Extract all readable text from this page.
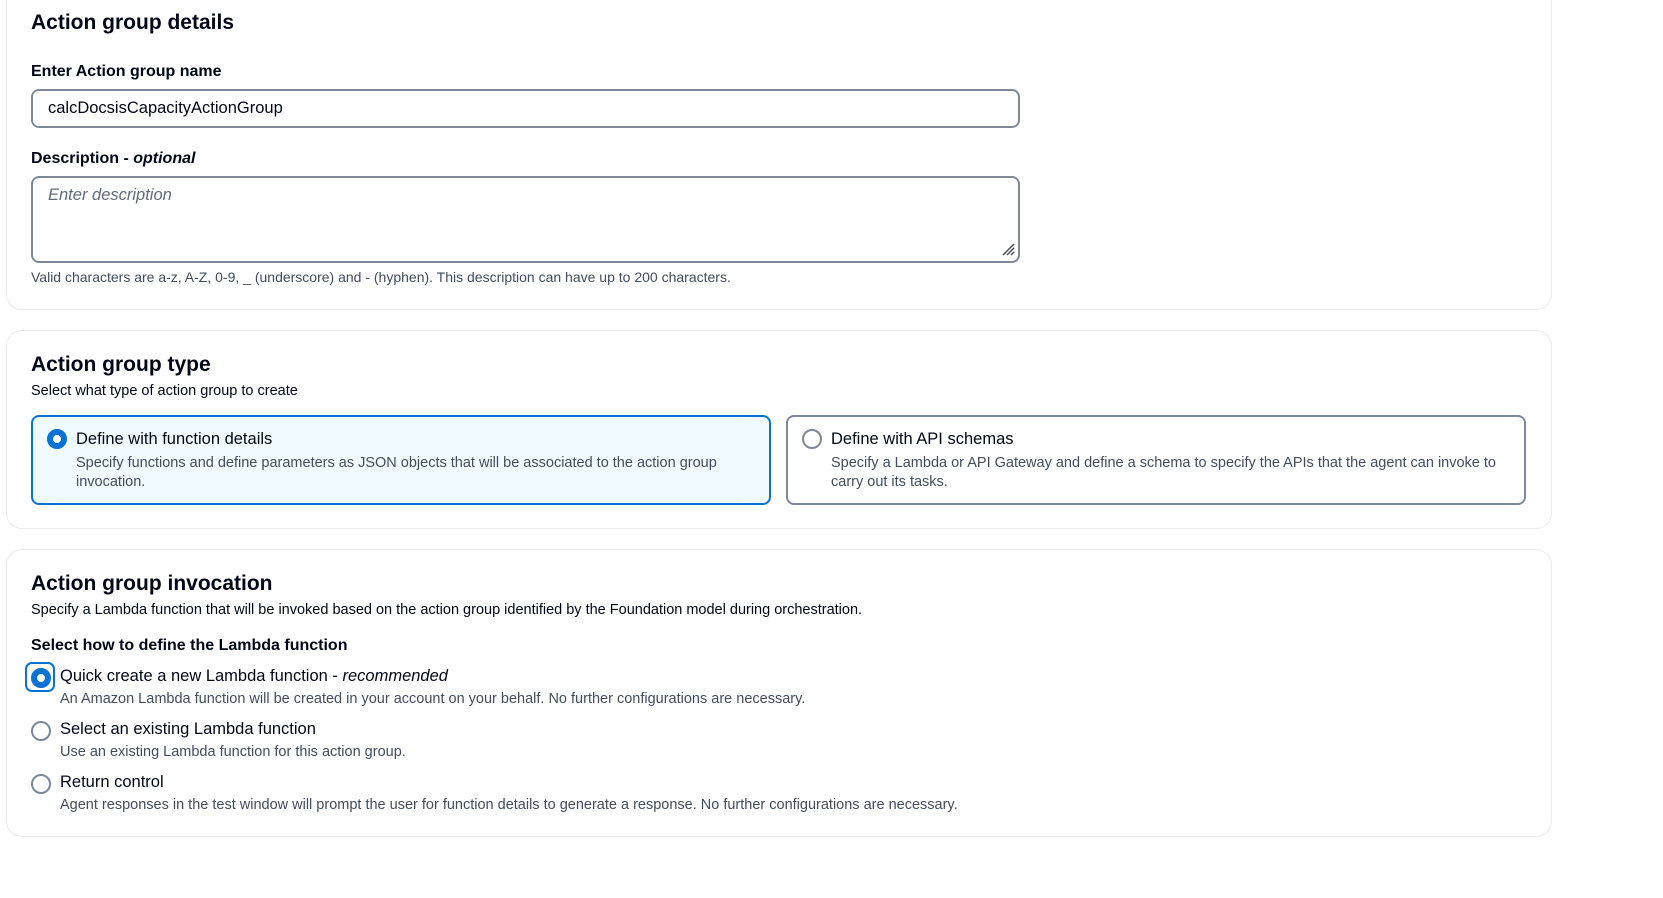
Action group details
Enter Action group name
calcDocsisCapacityActionGroup
Description - optional
Enter description
Valid characters are a-z, A-Z, 0-9, _ (underscore) and - (hyphen). This description can have up to 200 characters.
Action group type
Select what type of action group to create
Define with function details
Specify functions and define parameters as JSON objects that will be associated to the action group invocation.
Define with API schemas
Specify a Lambda or API Gateway and define a schema to specify the APIs that the agent can invoke to carry out its tasks.
Action group invocation
Specify a Lambda function that will be invoked based on the action group identified by the Foundation model during orchestration.
Select how to define the Lambda function
Quick create a new Lambda function - recommended
An Amazon Lambda function will be created in your account on your behalf. No further configurations are necessary.
Select an existing Lambda function
Use an existing Lambda function for this action group.
Return control
Agent responses in the test window will prompt the user for function details to generate a response. No further configurations are necessary.
